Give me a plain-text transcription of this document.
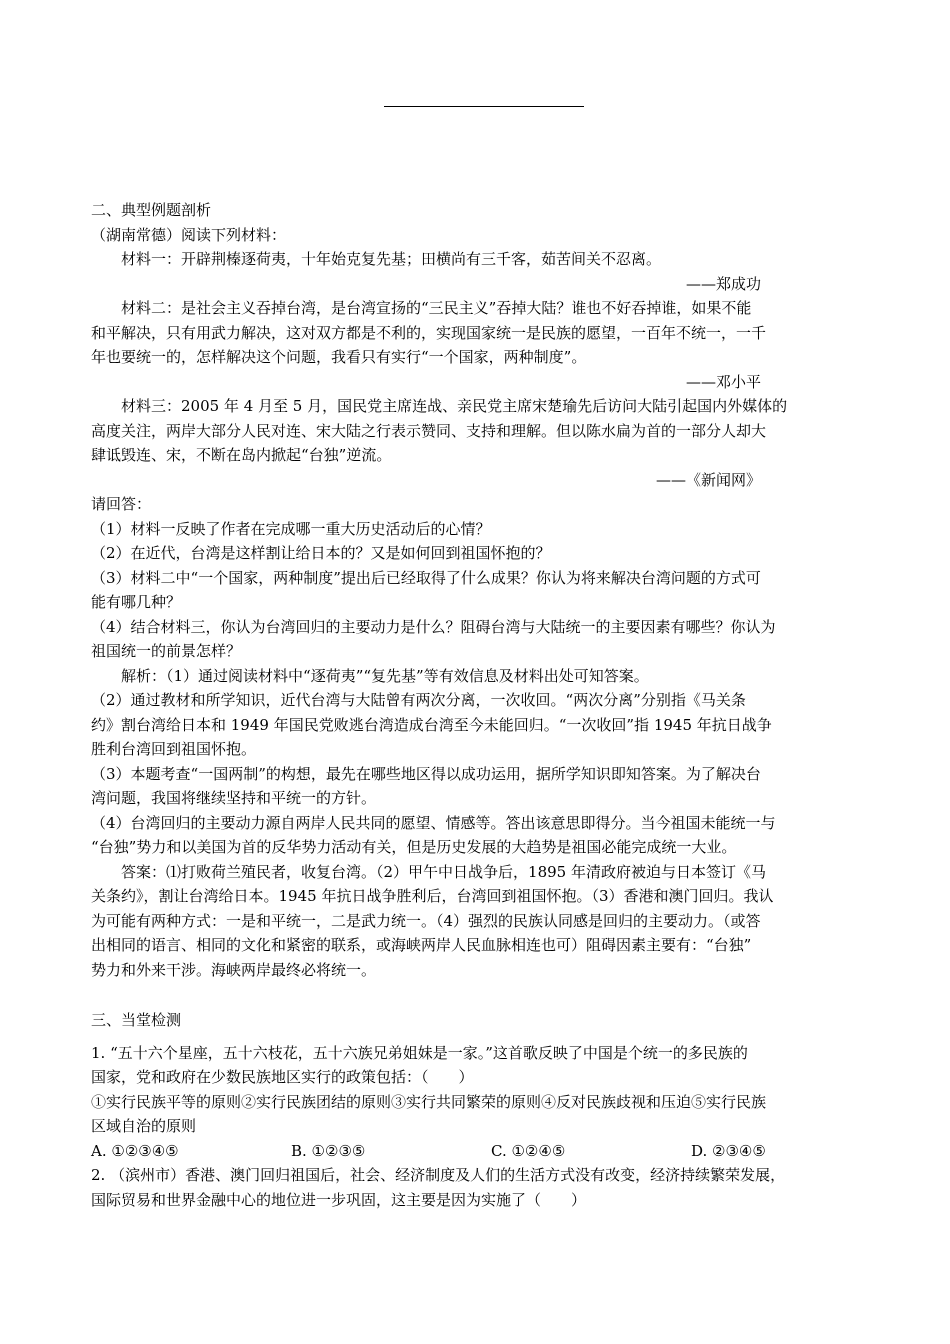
二、典型例题剖析

（湖南常德）阅读下列材料：

材料一：开辟荆榛逐荷夷，十年始克复先基；田横尚有三千客，茹苦间关不忍离。

——郑成功

材料二：是社会主义吞掉台湾，是台湾宣扬的“三民主义”吞掉大陆？谁也不好吞掉谁，如果不能

和平解决，只有用武力解决，这对双方都是不利的，实现国家统一是民族的愿望，一百年不统一，一千

年也要统一的，怎样解决这个问题，我看只有实行“一个国家，两种制度”。

——邓小平

材料三：2005 年 4 月至 5 月，国民党主席连战、亲民党主席宋楚瑜先后访问大陆引起国内外媒体的

高度关注，两岸大部分人民对连、宋大陆之行表示赞同、支持和理解。但以陈水扁为首的一部分人却大

肆诋毁连、宋，不断在岛内掀起“台独”逆流。

——《新闻网》

请回答：

（1）材料一反映了作者在完成哪一重大历史活动后的心情？

（2）在近代，台湾是这样割让给日本的？又是如何回到祖国怀抱的？

（3）材料二中“一个国家，两种制度”提出后已经取得了什么成果？你认为将来解决台湾问题的方式可

能有哪几种？

（4）结合材料三，你认为台湾回归的主要动力是什么？阻碍台湾与大陆统一的主要因素有哪些？你认为

祖国统一的前景怎样？

解析：（1）通过阅读材料中“逐荷夷”“复先基”等有效信息及材料出处可知答案。

（2）通过教材和所学知识，近代台湾与大陆曾有两次分离，一次收回。“两次分离”分别指《马关条

约》割台湾给日本和 1949 年国民党败逃台湾造成台湾至今未能回归。“一次收回”指 1945 年抗日战争

胜利台湾回到祖国怀抱。

（3）本题考查“一国两制”的构想，最先在哪些地区得以成功运用，据所学知识即知答案。为了解决台

湾问题，我国将继续坚持和平统一的方针。

（4）台湾回归的主要动力源自两岸人民共同的愿望、情感等。答出该意思即得分。当今祖国未能统一与

“台独”势力和以美国为首的反华势力活动有关，但是历史发展的大趋势是祖国必能完成统一大业。

答案：⑴打败荷兰殖民者，收复台湾。（2）甲午中日战争后，1895 年清政府被迫与日本签订《马

关条约》，割让台湾给日本。1945 年抗日战争胜利后，台湾回到祖国怀抱。（3）香港和澳门回归。我认

为可能有两种方式：一是和平统一，二是武力统一。（4）强烈的民族认同感是回归的主要动力。（或答

出相同的语言、相同的文化和紧密的联系，或海峡两岸人民血脉相连也可）阻碍因素主要有：“台独”

势力和外来干涉。海峡两岸最终必将统一。

三、当堂检测

1. “五十六个星座，五十六枝花，五十六族兄弟姐妹是一家。”这首歌反映了中国是个统一的多民族的

国家，党和政府在少数民族地区实行的政策包括：（　　）

①实行民族平等的原则②实行民族团结的原则③实行共同繁荣的原则④反对民族歧视和压迫⑤实行民族

区域自治的原则

A. ①②③④⑤	B. ①②③⑤	C. ①②④⑤	D. ②③④⑤

2. （滨州市）香港、澳门回归祖国后，社会、经济制度及人们的生活方式没有改变，经济持续繁荣发展，

国际贸易和世界金融中心的地位进一步巩固，这主要是因为实施了（　　）
